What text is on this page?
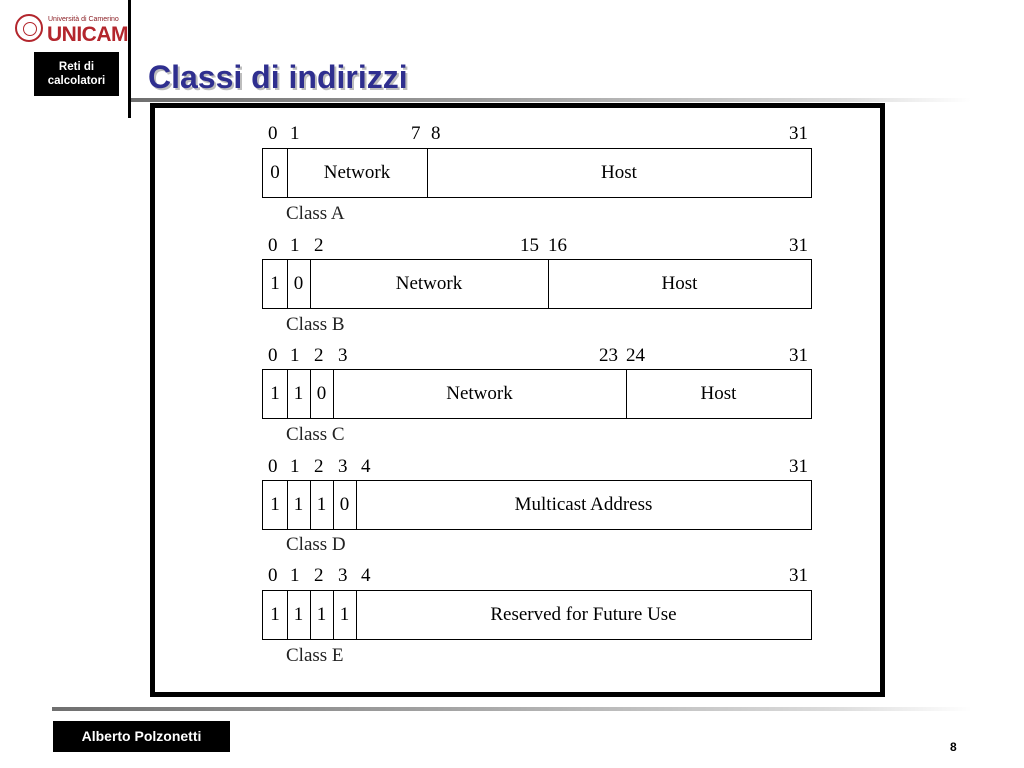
Università di Camerino
UNICAM
Reti di calcolatori	Classi di indirizzi
0 1	7 8	31
0	Network	Host
Class A
0 1 2	15 16	31
1 0	Network	Host
Class B
0 1 2 3	23 24	31
1 1 0	Network	Host
Class C
0 1 2 3 4	31
1 1 1 0	Multicast Address
Class D
0 1 2 3 4	31
1 1 1 1	Reserved for Future Use
Class E
Alberto Polzonetti
8
